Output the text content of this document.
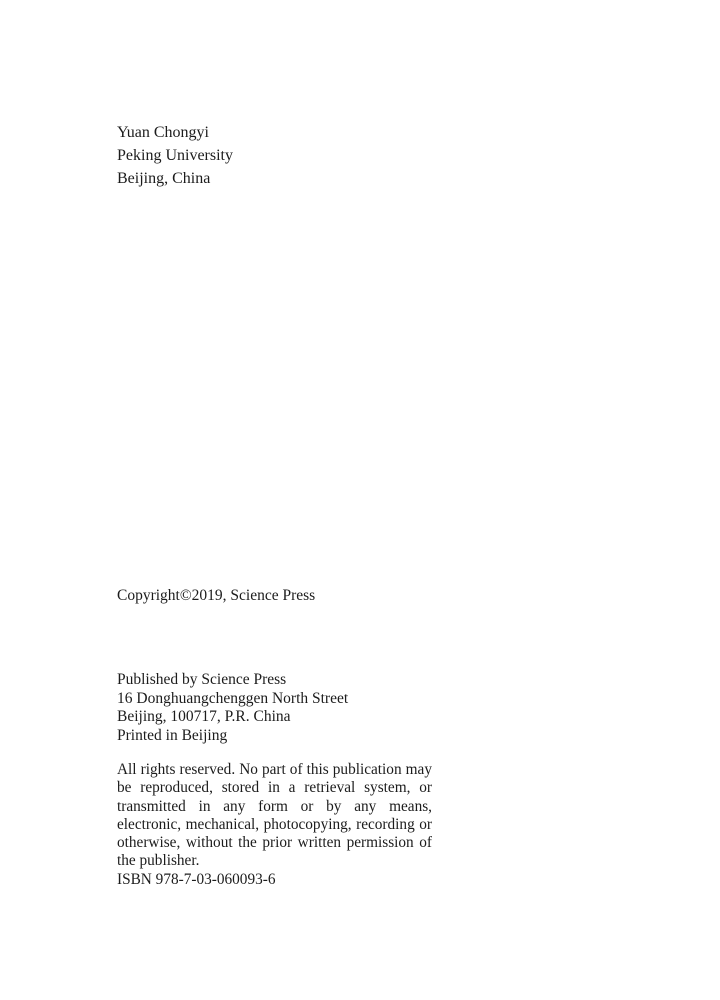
Yuan Chongyi
Peking University
Beijing, China
Copyright©2019, Science Press
Published by Science Press
16 Donghuangchenggen North Street
Beijing, 100717, P.R. China
Printed in Beijing
All rights reserved. No part of this publication may be reproduced, stored in a retrieval system, or transmitted in any form or by any means, electronic, mechanical, photocopying, recording or otherwise, without the prior written permission of the publisher.
ISBN 978-7-03-060093-6
